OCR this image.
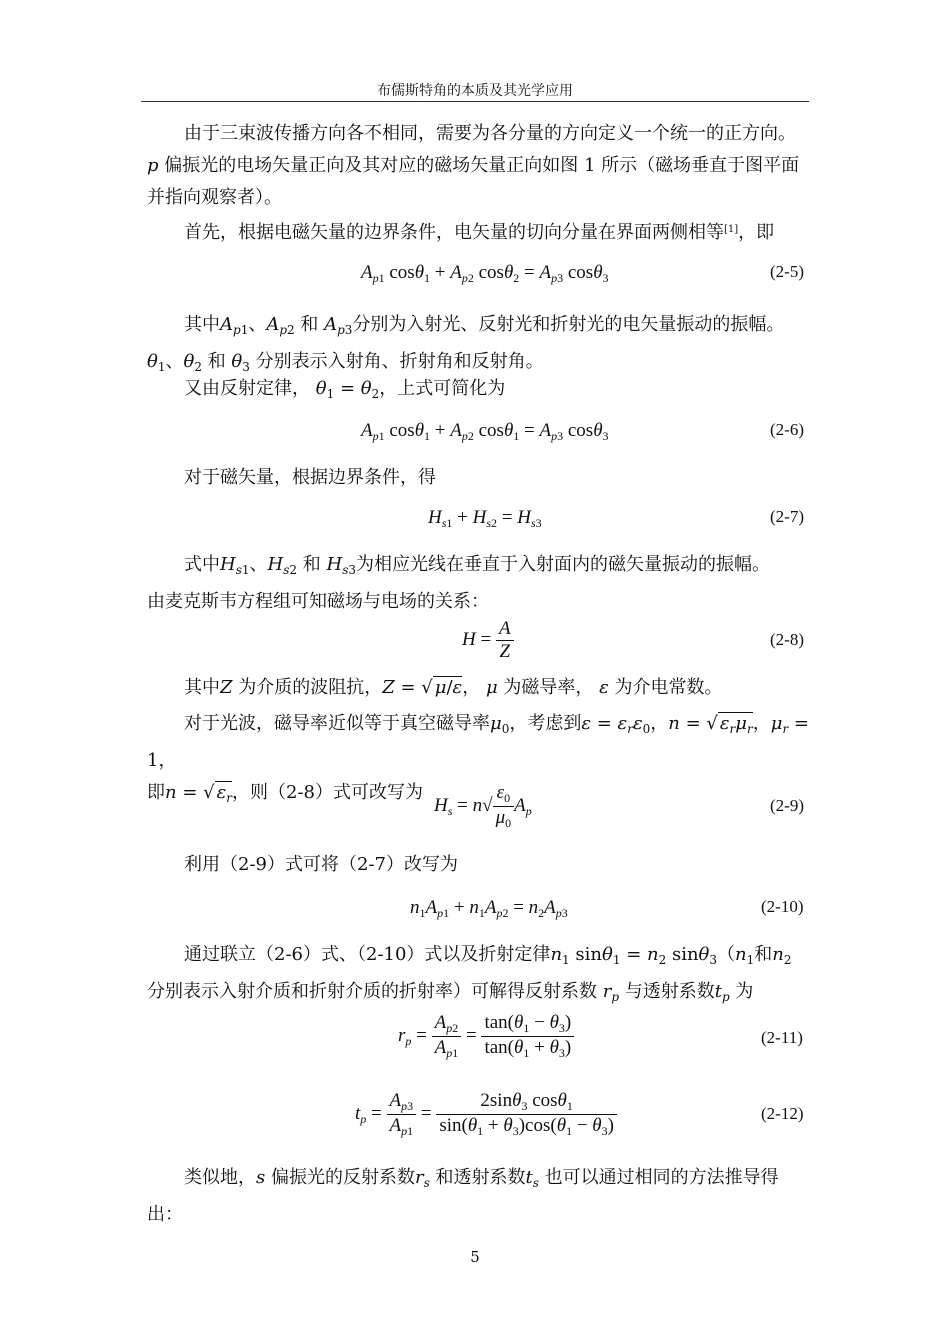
布儒斯特角的本质及其光学应用
由于三束波传播方向各不相同，需要为各分量的方向定义一个统一的正方向。
p 偏振光的电场矢量正向及其对应的磁场矢量正向如图 1 所示（磁场垂直于图平面并指向观察者）。
首先，根据电磁矢量的边界条件，电矢量的切向分量在界面两侧相等[1]，即
$A_{p1}$ $\cos\theta_1 + A_{p2}$ $\cos\theta_2 = A_{p3}$ cosθ$_3$	(2-5)
其中$A_{p1}$、$A_{p2}$ 和 $A_{p3}$分别为入射光、反射光和折射光的电矢量振动的振幅。
$\theta_1$、$\theta_2$ 和 $\theta_3$ 分别表示入射角、折射角和反射角。
又由反射定律， $\theta_1 = \theta_2$，上式可简化为
$A_{p1}$ $\cos\theta_1 + A_{p2}$ $\cos\theta_1 = A_{p3}$ cosθ$_3$	(2-6)
对于磁矢量，根据边界条件，得
$H_{s1} + H_{s2} = H_{s3}$	(2-7)
式中$H_{s1}$、$H_{s2}$ 和 $H_{s3}$为相应光线在垂直于入射面内的磁矢量振动的振幅。
由麦克斯韦方程组可知磁场与电场的关系：
$H = \frac{A}{Z}$	(2-8)
其中Z 为介质的波阻抗，Z = √ μ/ε， μ 为磁导率， ε 为介电常数。
对于光波，磁导率近似等于真空磁导率$\mu_0$，考虑到$\varepsilon = \varepsilon_r\varepsilon_0$，n = √ $\varepsilon_r\mu_r$，$\mu_r = 1$，
即n = √ $\varepsilon_r$，则（2-8）式可改写为
$H_s = n√ \frac{\varepsilon_0}{\mu_0} A_p$	(2-9)
利用（2-9）式可将（2-7）改写为
$n_1A_{p1} + n_1A_{p2} = n_2A_{p3}$	(2-10)
通过联立（2-6）式、（2-10）式以及折射定律$n_1$ $\sin\theta_1 = n_2$ $\sin\theta_3(n_1$和$n_2$分别表示入射介质和折射介质的折射率）可解得反射系数 $r_p$ 与透射系数$t_p$ 为
$r_p = \frac{A_{p2}}{A_{p1}} = \frac{\tan(\theta_1 - \theta_3)}{\tan(\theta_1 + \theta_3)}$	(2-11)
$t_p = \frac{A_{p3}}{A_{p1}} = \frac{2\sin\theta_3 \cos\theta_1}{\sin(\theta_1 + \theta_3)\cos(\theta_1 - \theta_3)}$	(2-12)
类似地，s 偏振光的反射系数$r_s$ 和透射系数$t_s$ 也可以通过相同的方法推导得出：
5
